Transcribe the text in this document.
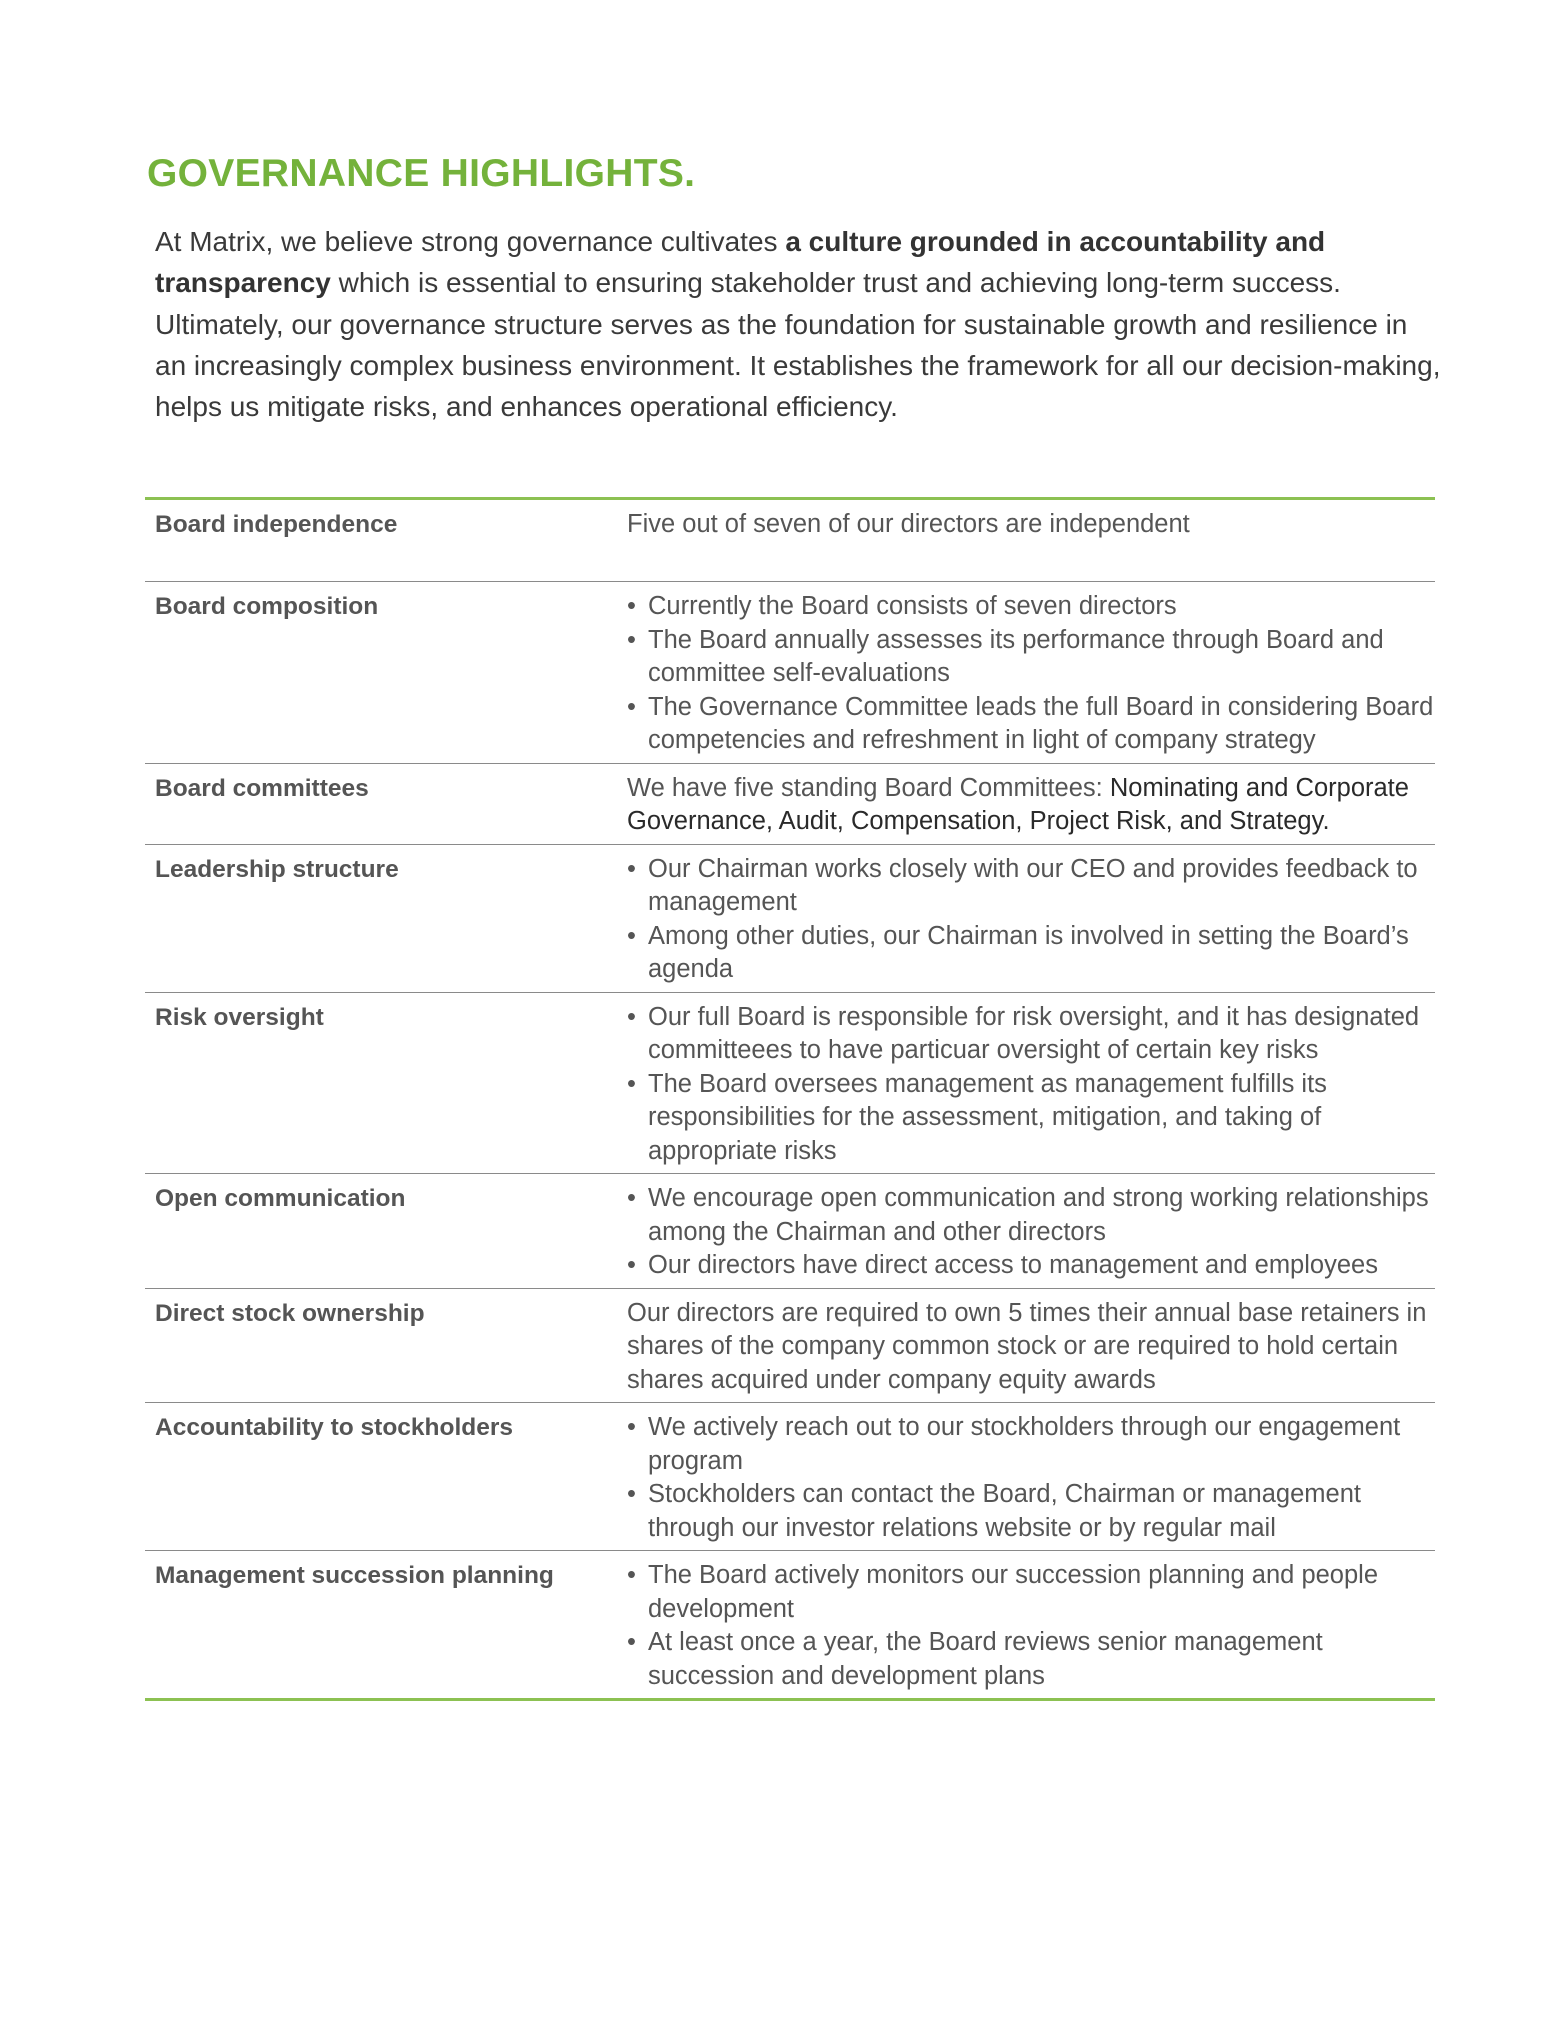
GOVERNANCE HIGHLIGHTS.
At Matrix, we believe strong governance cultivates a culture grounded in accountability and transparency which is essential to ensuring stakeholder trust and achieving long-term success. Ultimately, our governance structure serves as the foundation for sustainable growth and resilience in an increasingly complex business environment. It establishes the framework for all our decision-making, helps us mitigate risks, and enhances operational efficiency.
Board independence	Five out of seven of our directors are independent
Board composition	• Currently the Board consists of seven directors
• The Board annually assesses its performance through Board and committee self-evaluations
• The Governance Committee leads the full Board in considering Board competencies and refreshment in light of company strategy
Board committees	We have five standing Board Committees: Nominating and Corporate Governance, Audit, Compensation, Project Risk, and Strategy.
Leadership structure	• Our Chairman works closely with our CEO and provides feedback to management
• Among other duties, our Chairman is involved in setting the Board’s agenda
Risk oversight	• Our full Board is responsible for risk oversight, and it has designated committeees to have particuar oversight of certain key risks
• The Board oversees management as management fulfills its responsibilities for the assessment, mitigation, and taking of appropriate risks
Open communication	• We encourage open communication and strong working relationships among the Chairman and other directors
• Our directors have direct access to management and employees
Direct stock ownership	Our directors are required to own 5 times their annual base retainers in shares of the company common stock or are required to hold certain shares acquired under company equity awards
Accountability to stockholders	• We actively reach out to our stockholders through our engagement program
• Stockholders can contact the Board, Chairman or management through our investor relations website or by regular mail
Management succession planning	• The Board actively monitors our succession planning and people development
• At least once a year, the Board reviews senior management succession and development plans
